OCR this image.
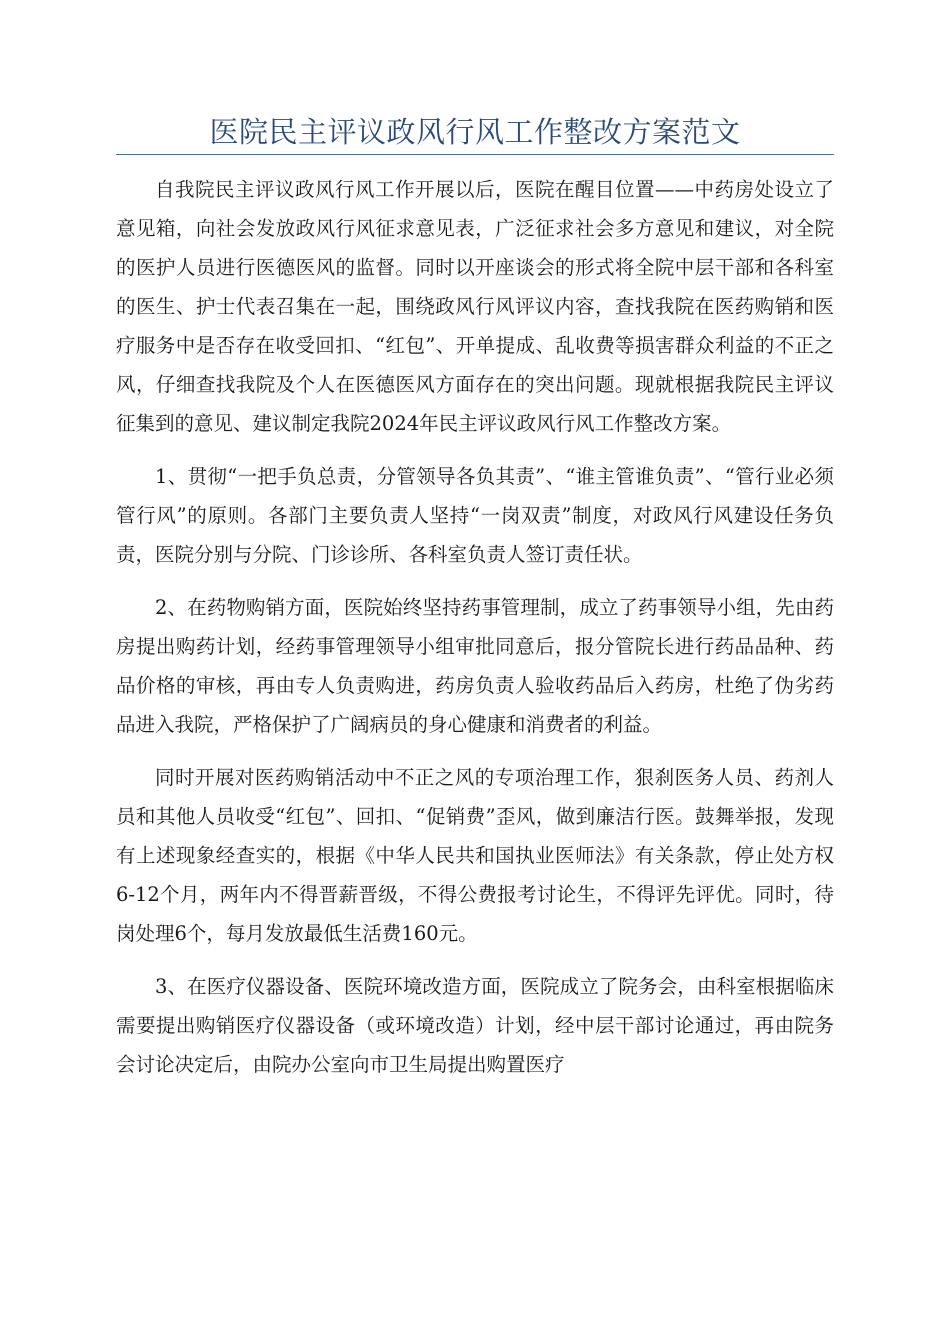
医院民主评议政风行风工作整改方案范文

自我院民主评议政风行风工作开展以后，医院在醒目位置——中药房处设立了意见箱，向社会发放政风行风征求意见表，广泛征求社会多方意见和建议，对全院的医护人员进行医德医风的监督。同时以开座谈会的形式将全院中层干部和各科室的医生、护士代表召集在一起，围绕政风行风评议内容，查找我院在医药购销和医疗服务中是否存在收受回扣、“红包”、开单提成、乱收费等损害群众利益的不正之风，仔细查找我院及个人在医德医风方面存在的突出问题。现就根据我院民主评议征集到的意见、建议制定我院2024年民主评议政风行风工作整改方案。

1、贯彻“一把手负总责，分管领导各负其责”、“谁主管谁负责”、“管行业必须管行风”的原则。各部门主要负责人坚持“一岗双责”制度，对政风行风建设任务负责，医院分别与分院、门诊诊所、各科室负责人签订责任状。

2、在药物购销方面，医院始终坚持药事管理制，成立了药事领导小组，先由药房提出购药计划，经药事管理领导小组审批同意后，报分管院长进行药品品种、药品价格的审核，再由专人负责购进，药房负责人验收药品后入药房，杜绝了伪劣药品进入我院，严格保护了广阔病员的身心健康和消费者的利益。

同时开展对医药购销活动中不正之风的专项治理工作，狠刹医务人员、药剂人员和其他人员收受“红包”、回扣、“促销费”歪风，做到廉洁行医。鼓舞举报，发现有上述现象经查实的，根据《中华人民共和国执业医师法》有关条款，停止处方权6-12个月，两年内不得晋薪晋级，不得公费报考讨论生，不得评先评优。同时，待岗处理6个，每月发放最低生活费160元。

3、在医疗仪器设备、医院环境改造方面，医院成立了院务会，由科室根据临床需要提出购销医疗仪器设备（或环境改造）计划，经中层干部讨论通过，再由院务会讨论决定后，由院办公室向市卫生局提出购置医疗
